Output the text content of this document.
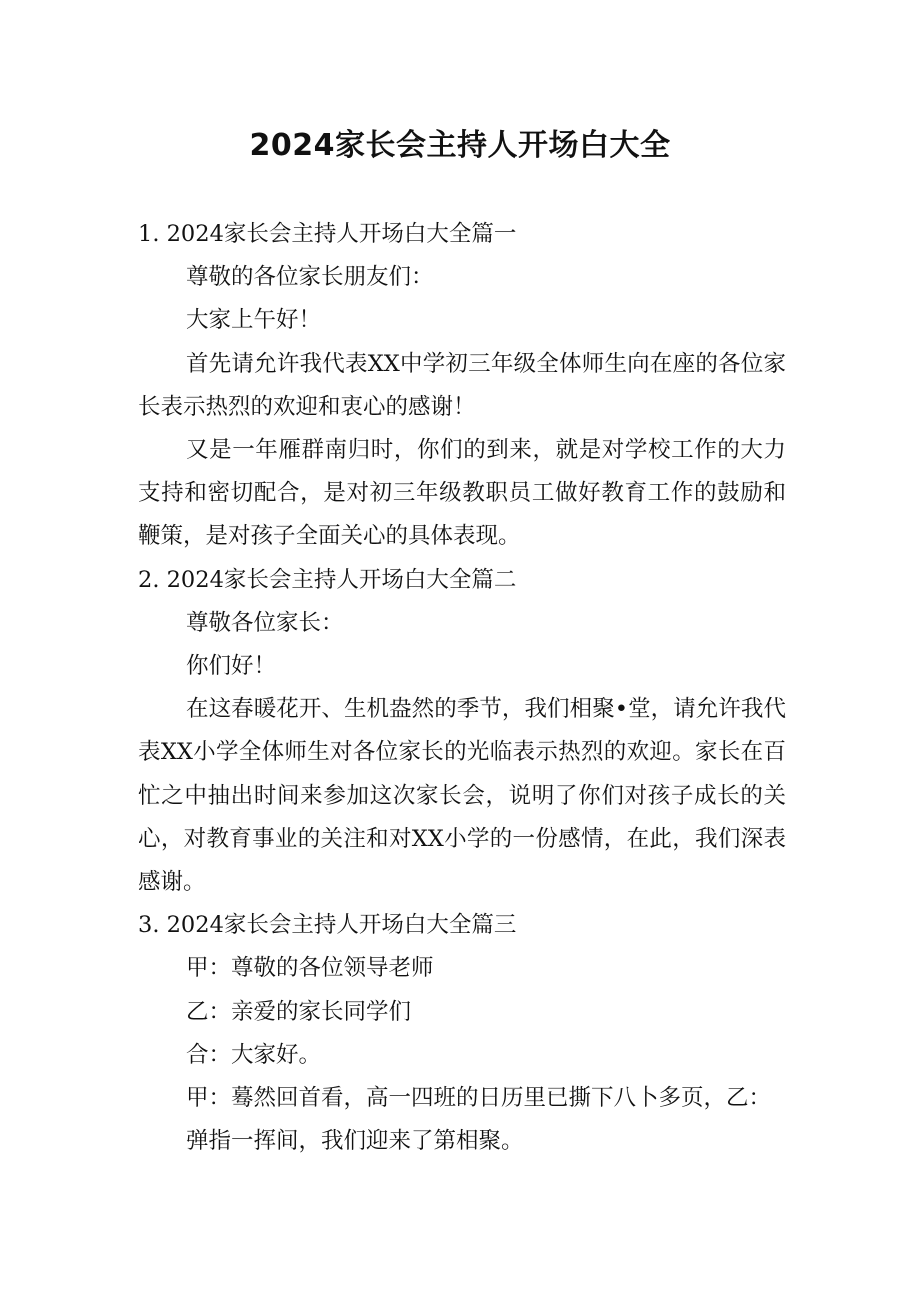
2024家长会主持人开场白大全

1. 2024家长会主持人开场白大全篇一

尊敬的各位家长朋友们：

大家上午好！

首先请允许我代表XX中学初三年级全体师生向在座的各位家长表示热烈的欢迎和衷心的感谢！

又是一年雁群南归时，你们的到来，就是对学校工作的大力支持和密切配合，是对初三年级教职员工做好教育工作的鼓励和鞭策，是对孩子全面关心的具体表现。

2. 2024家长会主持人开场白大全篇二

尊敬各位家长：

你们好！

在这春暖花开、生机盎然的季节，我们相聚•堂，请允许我代表XX小学全体师生对各位家长的光临表示热烈的欢迎。家长在百忙之中抽出时间来参加这次家长会，说明了你们对孩子成长的关心，对教育事业的关注和对XX小学的一份感情，在此，我们深表感谢。

3. 2024家长会主持人开场白大全篇三

甲：尊敬的各位领导老师

乙：亲爱的家长同学们

合：大家好。

甲：蓦然回首看，高一四班的日历里已撕下八卜多页，乙：

弹指一挥间，我们迎来了第相聚。
